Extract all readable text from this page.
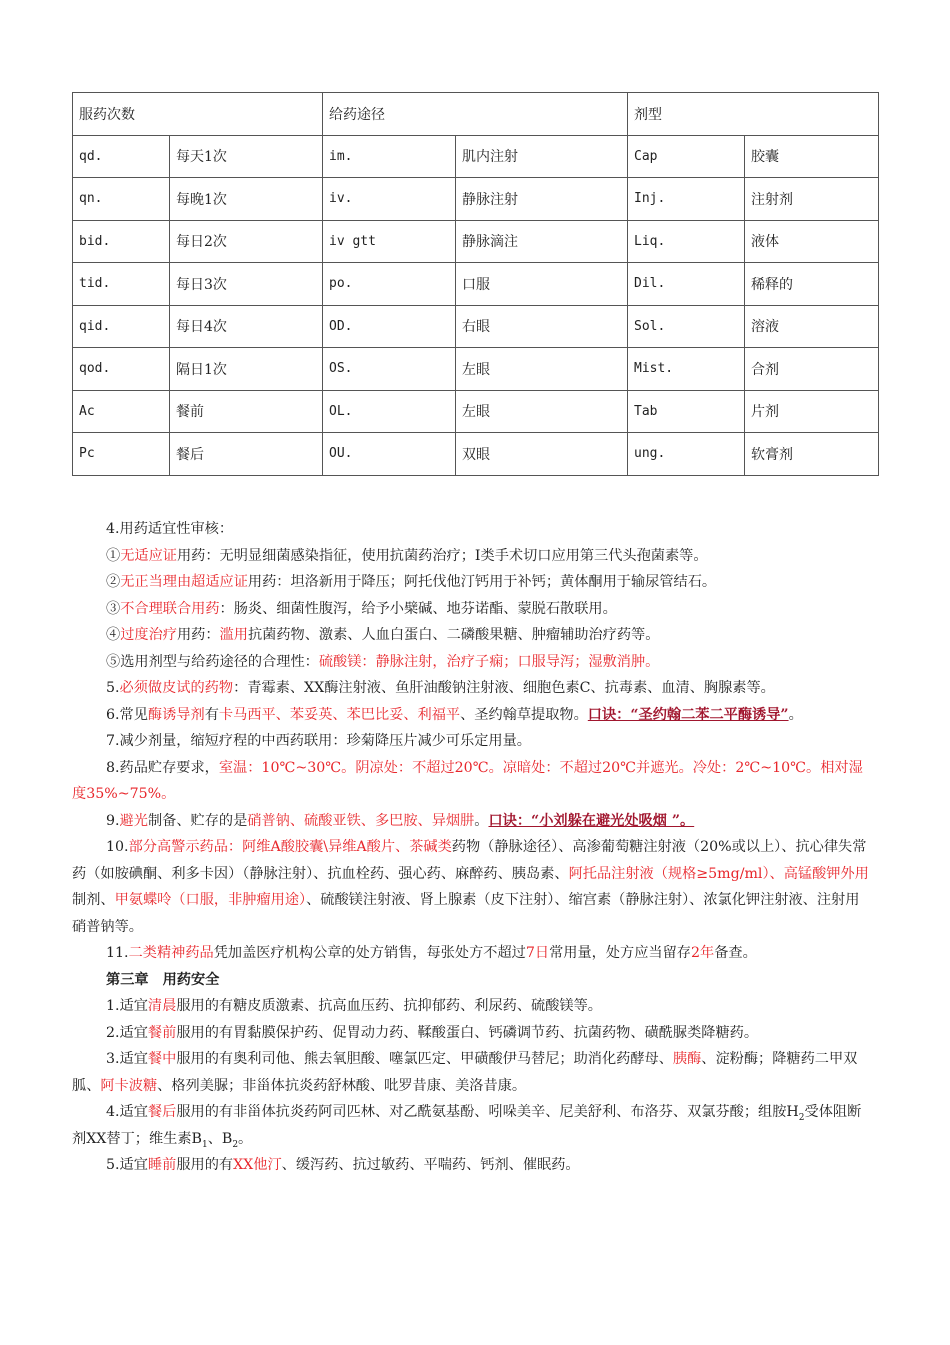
服药次数		给药途径		剂型	
qd.	每天1次	im.	肌内注射	Cap	胶囊
qn.	每晚1次	iv.	静脉注射	Inj.	注射剂
bid.	每日2次	iv gtt	静脉滴注	Liq.	液体
tid.	每日3次	po.	口服	Dil.	稀释的
qid.	每日4次	OD.	右眼	Sol.	溶液
qod.	隔日1次	OS.	左眼	Mist.	合剂
Ac	餐前	OL.	左眼	Tab	片剂
Pc	餐后	OU.	双眼	ung.	软膏剂

4.用药适宜性审核：

①无适应证用药：无明显细菌感染指征，使用抗菌药治疗；Ⅰ类手术切口应用第三代头孢菌素等。

②无正当理由超适应证用药：坦洛新用于降压；阿托伐他汀钙用于补钙；黄体酮用于输尿管结石。

③不合理联合用药：肠炎、细菌性腹泻，给予小檗碱、地芬诺酯、蒙脱石散联用。

④过度治疗用药：滥用抗菌药物、激素、人血白蛋白、二磷酸果糖、肿瘤辅助治疗药等。

⑤选用剂型与给药途径的合理性：硫酸镁：静脉注射，治疗子痫；口服导泻；湿敷消肿。

5.必须做皮试的药物：青霉素、XX酶注射液、鱼肝油酸钠注射液、细胞色素C、抗毒素、血清、胸腺素等。

6.常见酶诱导剂有卡马西平、苯妥英、苯巴比妥、利福平、圣约翰草提取物。口诀：“圣约翰二苯二平酶诱导”。

7.减少剂量，缩短疗程的中西药联用：珍菊降压片减少可乐定用量。

8.药品贮存要求，室温：10℃~30℃。阴凉处：不超过20℃。凉暗处：不超过20℃并遮光。冷处：2℃~10℃。相对湿度35%~75%。

9.避光制备、贮存的是硝普钠、硫酸亚铁、多巴胺、异烟肼。口诀：“小刘躲在避光处吸烟 ”。

10.部分高警示药品：阿维A酸胶囊\异维A酸片、茶碱类药物（静脉途径）、高渗葡萄糖注射液（20%或以上）、抗心律失常药（如胺碘酮、利多卡因）（静脉注射）、抗血栓药、强心药、麻醉药、胰岛素、阿托品注射液（规格≥5mg/ml）、高锰酸钾外用制剂、甲氨蝶呤（口服，非肿瘤用途）、硫酸镁注射液、肾上腺素（皮下注射）、缩宫素（静脉注射）、浓氯化钾注射液、注射用硝普钠等。

11.二类精神药品凭加盖医疗机构公章的处方销售，每张处方不超过7日常用量，处方应当留存2年备查。

第三章 用药安全

1.适宜清晨服用的有糖皮质激素、抗高血压药、抗抑郁药、利尿药、硫酸镁等。

2.适宜餐前服用的有胃黏膜保护药、促胃动力药、鞣酸蛋白、钙磷调节药、抗菌药物、磺酰脲类降糖药。

3.适宜餐中服用的有奥利司他、熊去氧胆酸、噻氯匹定、甲磺酸伊马替尼；助消化药酵母、胰酶、淀粉酶；降糖药二甲双胍、阿卡波糖、格列美脲；非甾体抗炎药舒林酸、吡罗昔康、美洛昔康。

4.适宜餐后服用的有非甾体抗炎药阿司匹林、对乙酰氨基酚、吲哚美辛、尼美舒利、布洛芬、双氯芬酸；组胺$H_2$受体阻断剂XX替丁；维生素$B_1$、$B_2$。

5.适宜睡前服用的有XX他汀、缓泻药、抗过敏药、平喘药、钙剂、催眠药。
